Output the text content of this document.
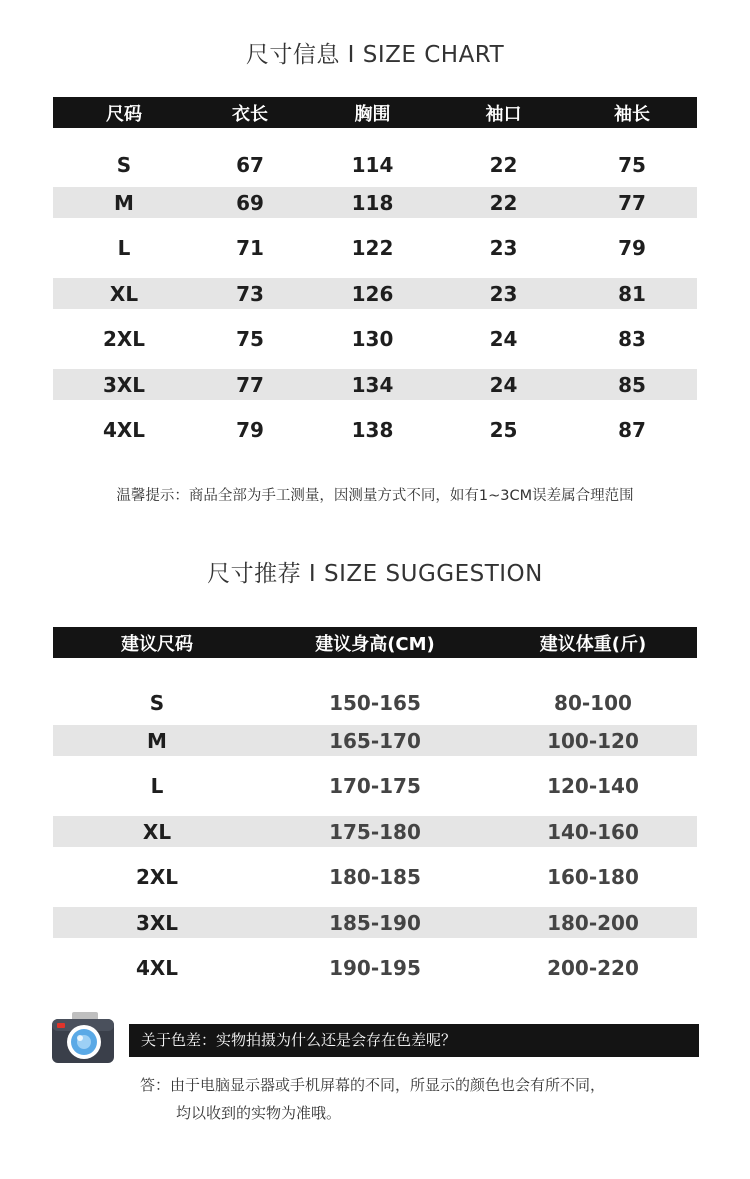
尺寸信息 I SIZE CHART
尺码	衣长	胸围	袖口	袖长
S	67	114	22	75
M	69	118	22	77
L	71	122	23	79
XL	73	126	23	81
2XL	75	130	24	83
3XL	77	134	24	85
4XL	79	138	25	87
温馨提示：商品全部为手工测量，因测量方式不同，如有1~3CM误差属合理范围
尺寸推荐 I SIZE SUGGESTION
建议尺码	建议身高(CM)	建议体重(斤)
S	150-165	80-100
M	165-170	100-120
L	170-175	120-140
XL	175-180	140-160
2XL	180-185	160-180
3XL	185-190	180-200
4XL	190-195	200-220
关于色差：实物拍摄为什么还是会存在色差呢？
答：由于电脑显示器或手机屏幕的不同，所显示的颜色也会有所不同，
均以收到的实物为准哦。
